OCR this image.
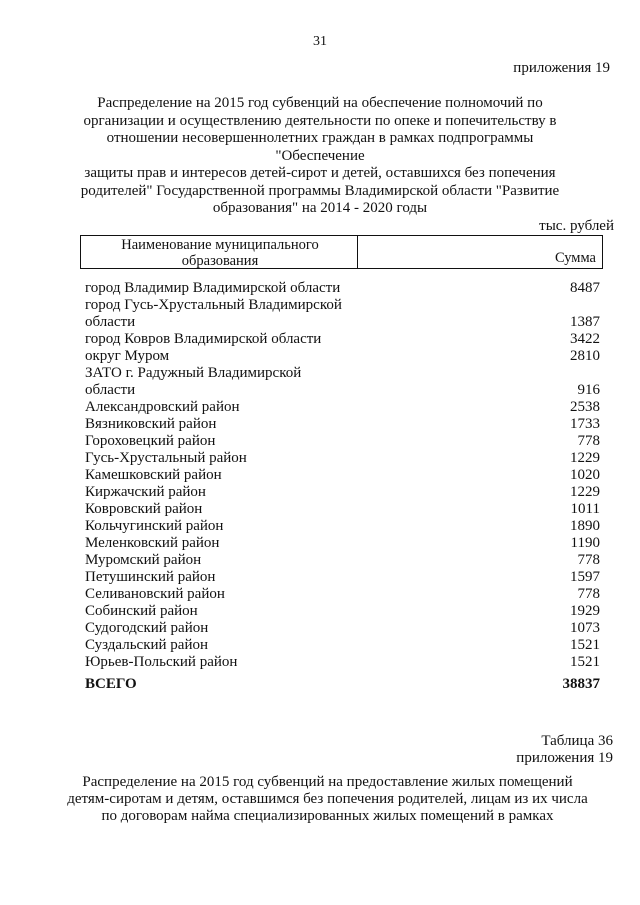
31
приложения 19
Распределение на 2015 год субвенций на обеспечение полномочий по
организации и осуществлению деятельности по опеке и попечительству в
отношении несовершеннолетних граждан в рамках подпрограммы "Обеспечение
защиты прав и интересов детей-сирот и детей, оставшихся без попечения
родителей" Государственной программы Владимирской области "Развитие
образования" на 2014 - 2020 годы
тыс. рублей
Наименование муниципального
образования	Сумма
город Владимир Владимирской области	8487
город Гусь-Хрустальный Владимирской
области	1387
город Ковров Владимирской области	3422
округ Муром	2810
ЗАТО г. Радужный Владимирской
области	916
Александровский район	2538
Вязниковский район	1733
Гороховецкий район	778
Гусь-Хрустальный район	1229
Камешковский район	1020
Киржачский район	1229
Ковровский район	1011
Кольчугинский район	1890
Меленковский район	1190
Муромский район	778
Петушинский район	1597
Селивановский район	778
Собинский район	1929
Судогодский район	1073
Суздальский район	1521
Юрьев-Польский район	1521
ВСЕГО	38837
Таблица 36
приложения 19
Распределение на 2015 год субвенций на предоставление жилых помещений
детям-сиротам и детям, оставшимся без попечения родителей, лицам из их числа
по договорам найма специализированных жилых помещений в рамках
